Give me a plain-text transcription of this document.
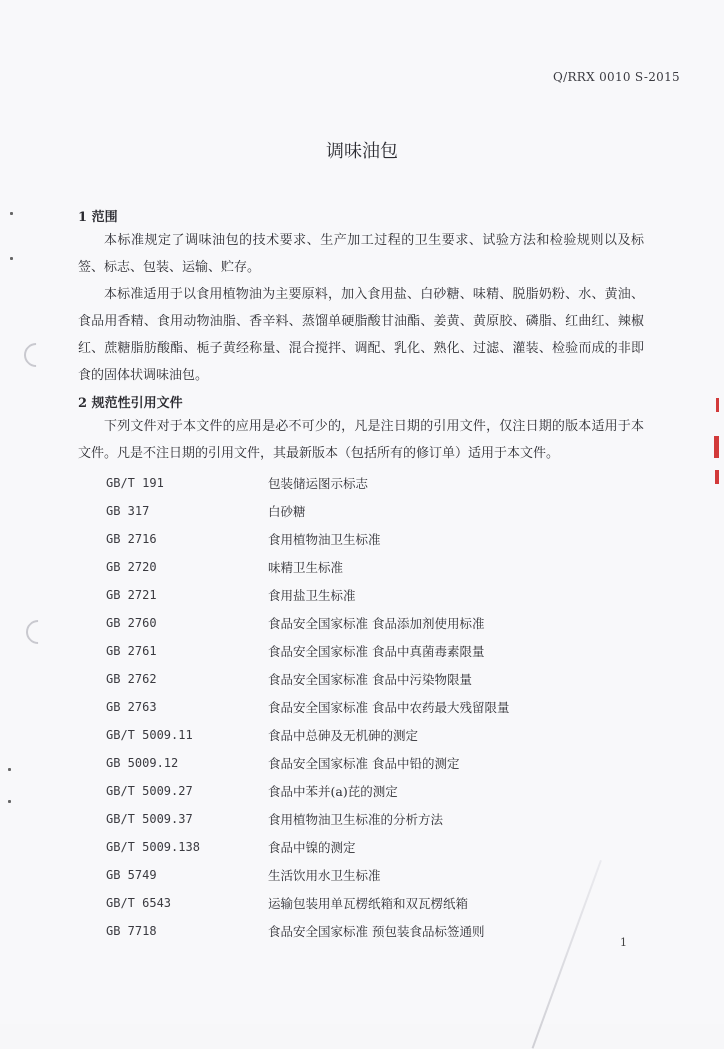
Q/RRX 0010 S-2015
调味油包
1 范围
本标准规定了调味油包的技术要求、生产加工过程的卫生要求、试验方法和检验规则以及标签、标志、包装、运输、贮存。
本标准适用于以食用植物油为主要原料，加入食用盐、白砂糖、味精、脱脂奶粉、水、黄油、食品用香精、食用动物油脂、香辛料、蒸馏单硬脂酸甘油酯、姜黄、黄原胶、磷脂、红曲红、辣椒红、蔗糖脂肪酸酯、栀子黄经称量、混合搅拌、调配、乳化、熟化、过滤、灌装、检验而成的非即食的固体状调味油包。
2 规范性引用文件
下列文件对于本文件的应用是必不可少的，凡是注日期的引用文件，仅注日期的版本适用于本文件。凡是不注日期的引用文件，其最新版本（包括所有的修订单）适用于本文件。
GB/T 191	包装储运图示标志
GB 317	白砂糖
GB 2716	食用植物油卫生标准
GB 2720	味精卫生标准
GB 2721	食用盐卫生标准
GB 2760	食品安全国家标准 食品添加剂使用标准
GB 2761	食品安全国家标准 食品中真菌毒素限量
GB 2762	食品安全国家标准 食品中污染物限量
GB 2763	食品安全国家标准 食品中农药最大残留限量
GB/T 5009.11	食品中总砷及无机砷的测定
GB 5009.12	食品安全国家标准 食品中铅的测定
GB/T 5009.27	食品中苯并(a)芘的测定
GB/T 5009.37	食用植物油卫生标准的分析方法
GB/T 5009.138	食品中镍的测定
GB 5749	生活饮用水卫生标准
GB/T 6543	运输包装用单瓦楞纸箱和双瓦楞纸箱
GB 7718	食品安全国家标准 预包装食品标签通则
1
